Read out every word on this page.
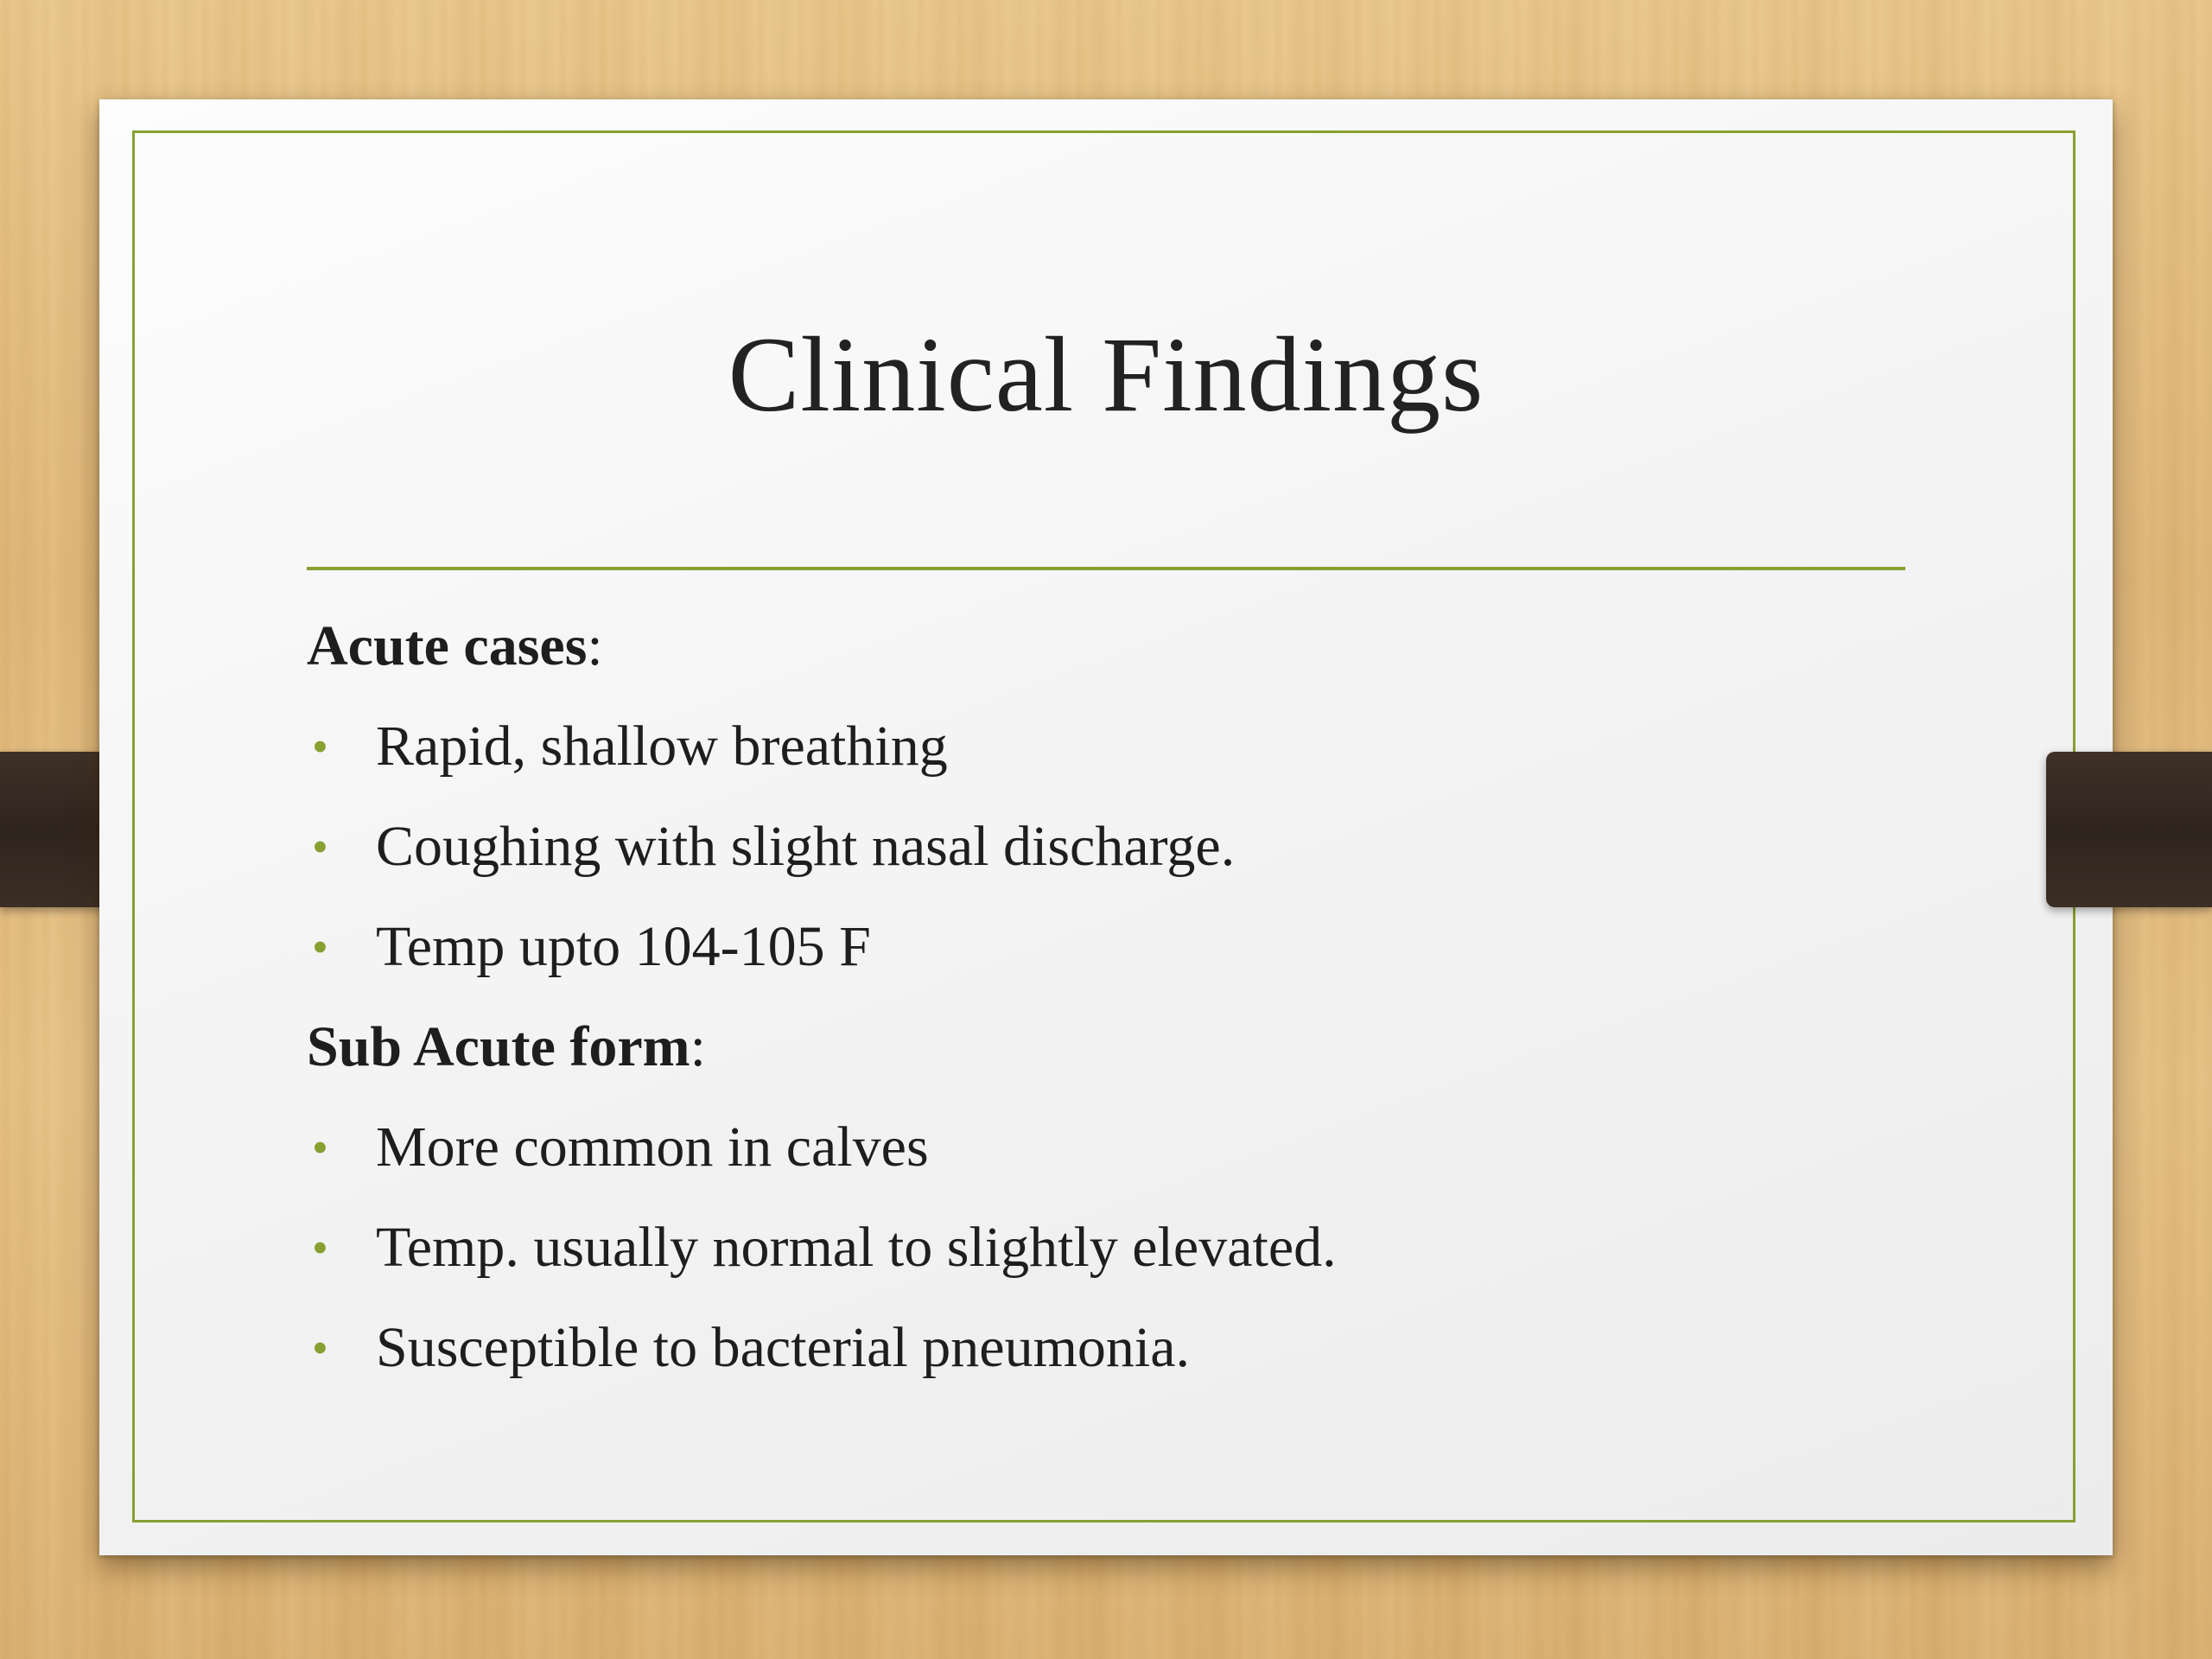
Clinical Findings
Acute cases:
• Rapid, shallow breathing
• Coughing with slight nasal discharge.
• Temp upto 104-105 F
Sub Acute form:
• More common in calves
• Temp. usually normal to slightly elevated.
• Susceptible to bacterial pneumonia.
